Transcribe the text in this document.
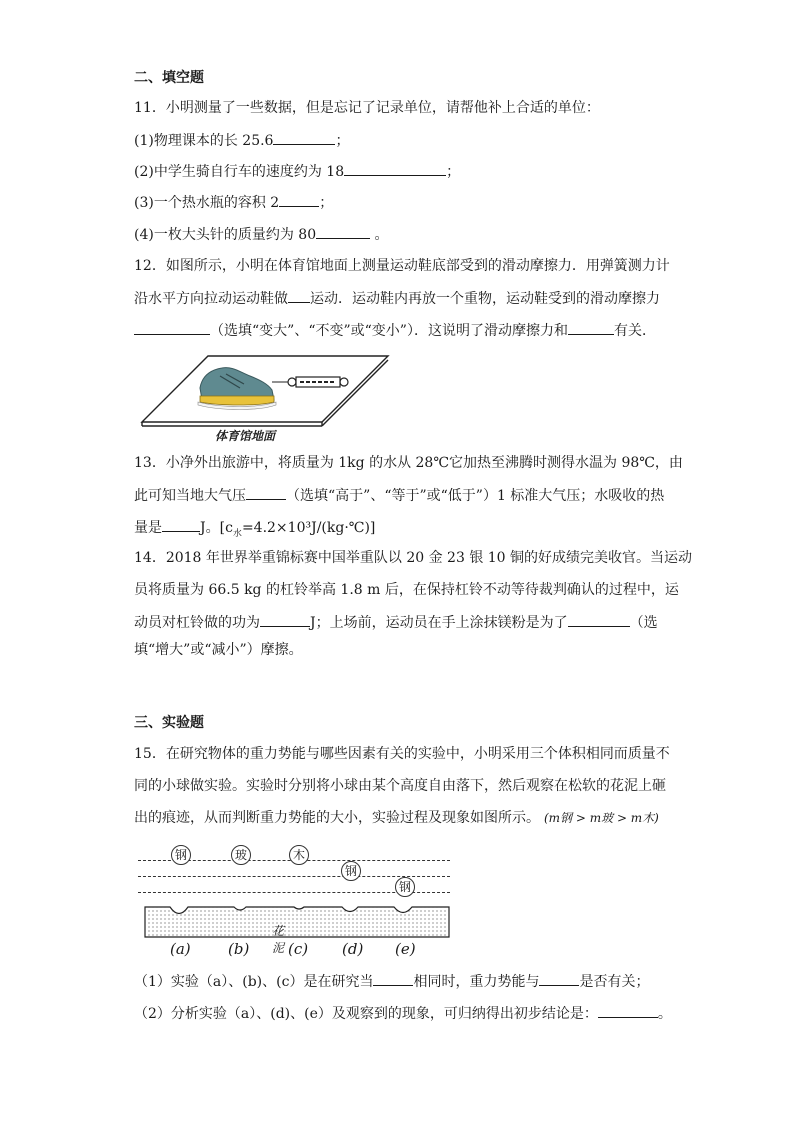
二、填空题
11．小明测量了一些数据，但是忘记了记录单位，请帮他补上合适的单位：
(1)物理课本的长 25.6	；
(2)中学生骑自行车的速度约为 18	；
(3)一个热水瓶的容积 2	；
(4)一枚大头针的质量约为 80	。
12．如图所示，小明在体育馆地面上测量运动鞋底部受到的滑动摩擦力．用弹簧测力计
沿水平方向拉动运动鞋做 运动．运动鞋内再放一个重物，运动鞋受到的滑动摩擦力
（选填“变大”、“不变”或“变小”）．这说明了滑动摩擦力和	有关．
体育馆地面
13．小净外出旅游中，将质量为 1kg 的水从 28℃它加热至沸腾时测得水温为 98℃，由
此可知当地大气压	（选填“高于”、“等于”或“低于”）1 标准大气压；水吸收的热
量是	J。$[c_水=4.2\times 10^3J/(kg\cdot℃)]$
14．2018 年世界举重锦标赛中国举重队以 20 金 23 银 10 铜的好成绩完美收官。当运动
员将质量为 66.5 kg 的杠铃举高 1.8 m 后，在保持杠铃不动等待裁判确认的过程中，运
动员对杠铃做的功为	J；上场前，运动员在手上涂抹镁粉是为了	（选
填“增大”或“减小”）摩擦。
三、实验题
15．在研究物体的重力势能与哪些因素有关的实验中，小明采用三个体积相同而质量不
同的小球做实验。实验时分别将小球由某个高度自由落下，然后观察在松软的花泥上砸
出的痕迹，从而判断重力势能的大小，实验过程及现象如图所示。 (m钢 > m玻 > m木)
钢	玻	木
钢
钢
花　泥
(a) (b)	(c) (d) (e)
（1）实验（a）、(b)、(c）是在研究当	相同时，重力势能与	是否有关；
（2）分析实验（a）、(d)、(e）及观察到的现象，可归纳得出初步结论是：	。
